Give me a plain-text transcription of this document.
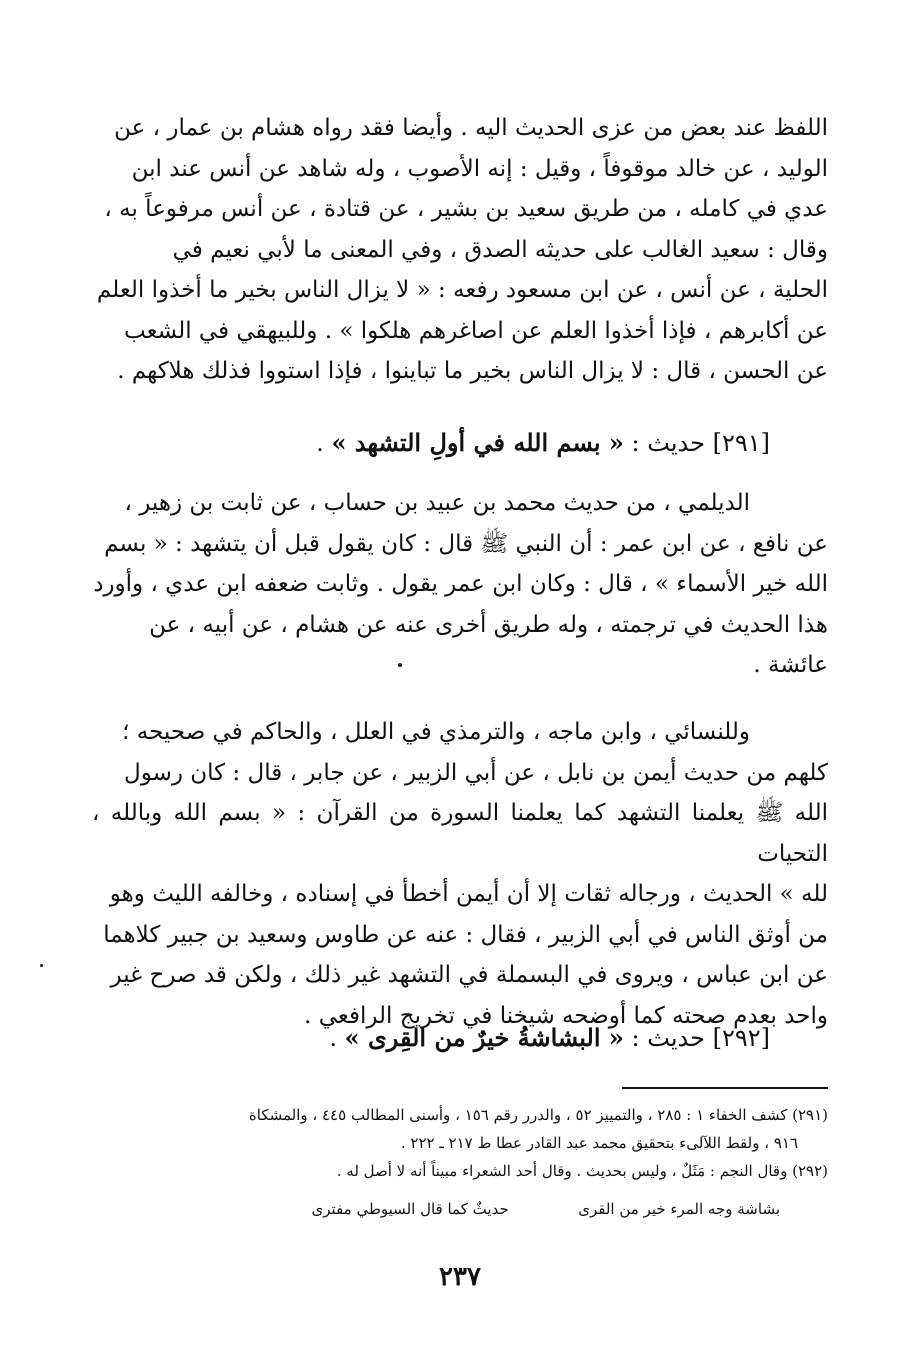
اللفظ عند بعض من عزى الحديث اليه . وأيضا فقد رواه هشام بن عمار ، عن

الوليد ، عن خالد موقوفاً ، وقيل : إنه الأصوب ، وله شاهد عن أنس عند ابن

عدي في كامله ، من طريق سعيد بن بشير ، عن قتادة ، عن أنس مرفوعاً به ،

وقال : سعيد الغالب على حديثه الصدق ، وفي المعنى ما لأبي نعيم في

الحلية ، عن أنس ، عن ابن مسعود رفعه : « لا يزال الناس بخير ما أخذوا العلم

عن أكابرهم ، فإذا أخذوا العلم عن اصاغرهم هلكوا » . وللبيهقي في الشعب

عن الحسن ، قال : لا يزال الناس بخير ما تباينوا ، فإذا استووا فذلك هلاكهم .

[٢٩١] حديث : « بسم الله في أولِ التشهد » .

الديلمي ، من حديث محمد بن عبيد بن حساب ، عن ثابت بن زهير ،

عن نافع ، عن ابن عمر : أن النبي ﷺ قال : كان يقول قبل أن يتشهد : « بسم

الله خير الأسماء » ، قال : وكان ابن عمر يقول . وثابت ضعفه ابن عدي ، وأورد

هذا الحديث في ترجمته ، وله طريق أخرى عنه عن هشام ، عن أبيه ، عن

عائشة .

وللنسائي ، وابن ماجه ، والترمذي في العلل ، والحاكم في صحيحه ؛

كلهم من حديث أيمن بن نابل ، عن أبي الزبير ، عن جابر ، قال : كان رسول

الله ﷺ يعلمنا التشهد كما يعلمنا السورة من القرآن : « بسم الله وبالله ، التحيات

لله » الحديث ، ورجاله ثقات إلا أن أيمن أخطأ في إسناده ، وخالفه الليث وهو

من أوثق الناس في أبي الزبير ، فقال : عنه عن طاوس وسعيد بن جبير كلاهما

عن ابن عباس ، ويروى في البسملة في التشهد غير ذلك ، ولكن قد صرح غير

واحد بعدم صحته كما أوضحه شيخنا في تخريج الرافعي .

[٢٩٢] حديث : « البشاشةُ خيرٌ من القِرى » .

(٢٩١) كشف الخفاء ١ : ٢٨٥ ، والتمييز ٥٢ ، والدرر رقم ١٥٦ ، وأسنى المطالب ٤٤٥ ، والمشكاة

٩١٦ ، ولقط اللآلىء بتحقيق محمد عبد القادر عطا ط ٢١٧ ـ ٢٢٢ .

(٢٩٢) وقال النجم : مَثَلٌ ، وليس بحديث . وقال أحد الشعراء مبيناً أنه لا أصل له .

بشاشة وجه المرء خير من القرى  حديثٌ كما قال السيوطي مفترى
٢٣٧
